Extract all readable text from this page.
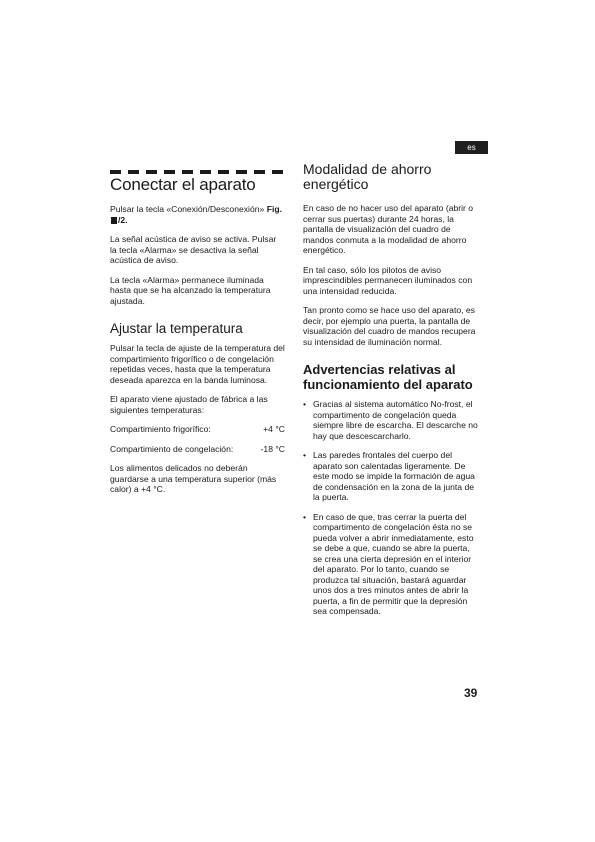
es
Conectar el aparato

Pulsar la tecla «Conexión/Desconexión» Fig. /2.

La señal acústica de aviso se activa. Pulsar la tecla «Alarma» se desactiva la señal acústica de aviso.

La tecla «Alarma» permanece iluminada hasta que se ha alcanzado la temperatura ajustada.

Ajustar la temperatura

Pulsar la tecla de ajuste de la temperatura del compartimiento frigorífico o de congelación repetidas veces, hasta que la temperatura deseada aparezca en la banda luminosa.

El aparato viene ajustado de fábrica a las siguientes temperaturas:

Compartimiento frigorífico:	+4 °C
Compartimiento de congelación:	-18 °C

Los alimentos delicados no deberán guardarse a una temperatura superior (más calor) a +4 °C.

Modalidad de ahorro energético

En caso de no hacer uso del aparato (abrir o cerrar sus puertas) durante 24 horas, la pantalla de visualización del cuadro de mandos conmuta a la modalidad de ahorro energético.

En tal caso, sólo los pilotos de aviso imprescindibles permanecen iluminados con una intensidad reducida.

Tan pronto como se hace uso del aparato, es decir, por ejemplo una puerta, la pantalla de visualización del cuadro de mandos recupera su intensidad de iluminación normal.

Advertencias relativas al funcionamiento del aparato
• Gracias al sistema automático No-frost, el compartimento de congelación queda siempre libre de escarcha. El descarche no hay que descescarcharlo.
• Las paredes frontales del cuerpo del aparato son calentadas ligeramente. De este modo se impide la formación de agua de condensación en la zona de la junta de la puerta.
• En caso de que, tras cerrar la puerta del compartimento de congelación ésta no se pueda volver a abrir inmediatamente, esto se debe a que, cuando se abre la puerta, se crea una cierta depresión en el interior del aparato. Por lo tanto, cuando se produzca tal situación, bastará aguardar unos dos a tres minutos antes de abrir la puerta, a fin de permitir que la depresión sea compensada.
39
